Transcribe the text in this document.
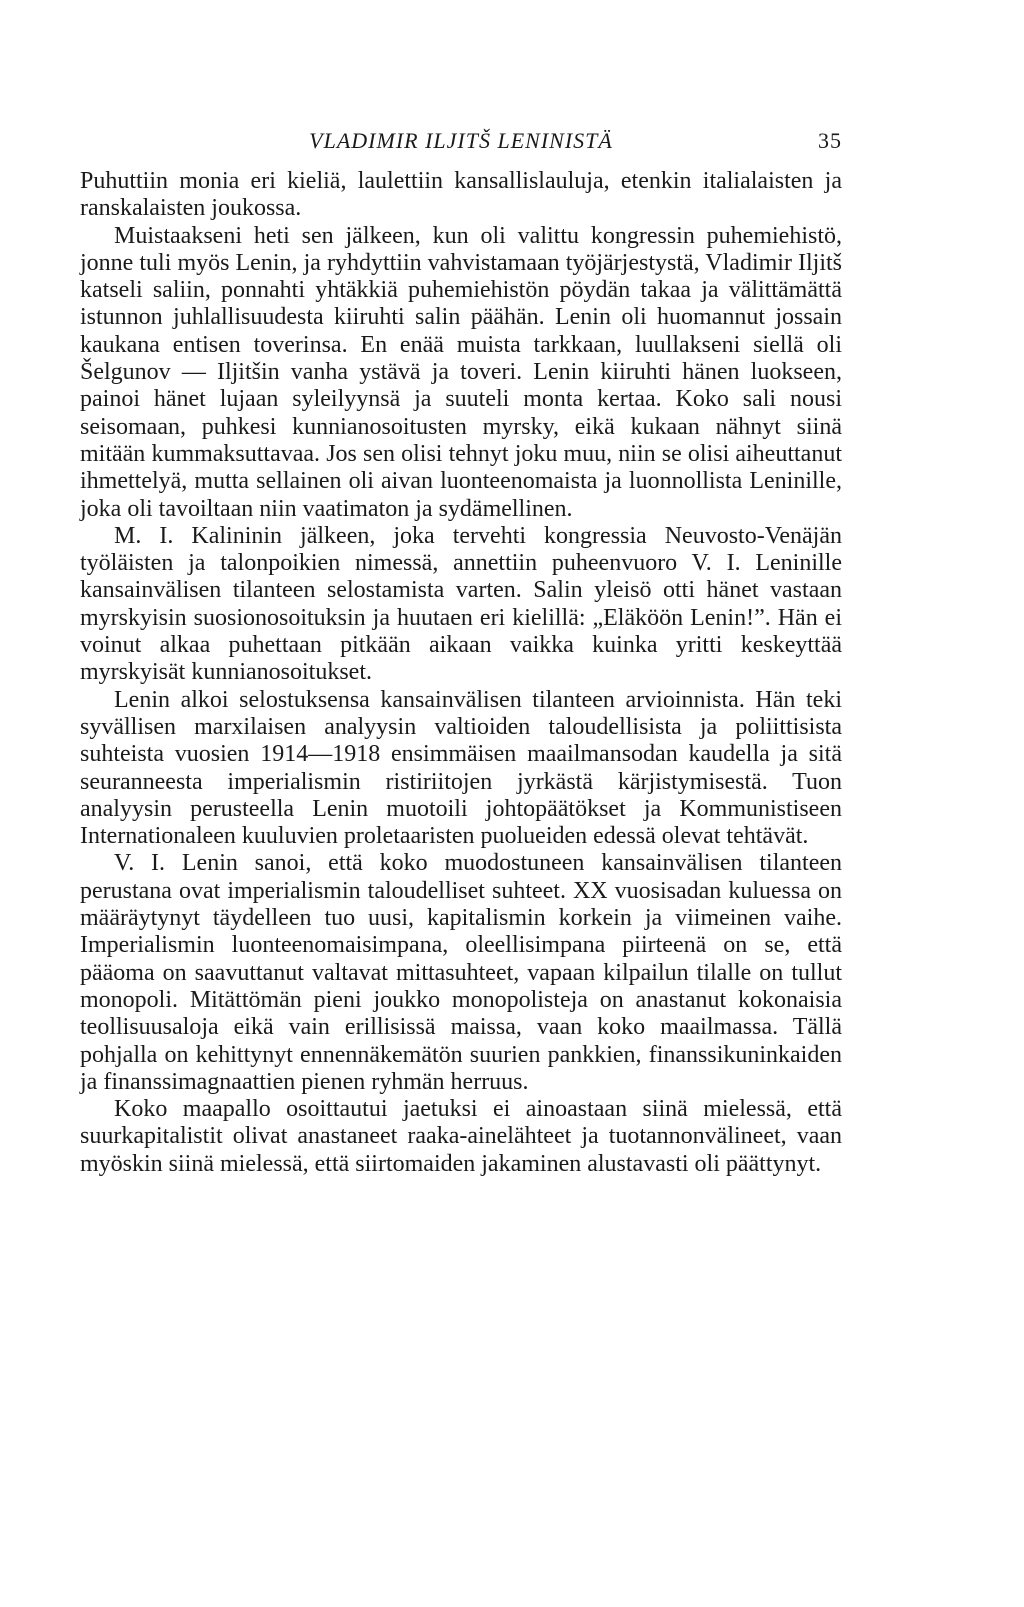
VLADIMIR ILJITŠ LENINISTÄ	35

Puhuttiin monia eri kieliä, laulettiin kansallislauluja, etenkin italialaisten ja ranskalaisten joukossa.

Muistaakseni heti sen jälkeen, kun oli valittu kongressin puhemiehistö, jonne tuli myös Lenin, ja ryhdyttiin vahvistamaan työjärjestystä, Vladimir Iljitš katseli saliin, ponnahti yhtäkkiä puhemiehistön pöydän takaa ja välittämättä istunnon juhlallisuudesta kiiruhti salin päähän. Lenin oli huomannut jossain kaukana entisen toverinsa. En enää muista tarkkaan, luullakseni siellä oli Šelgunov — Iljitšin vanha ystävä ja toveri. Lenin kiiruhti hänen luokseen, painoi hänet lujaan syleilyynsä ja suuteli monta kertaa. Koko sali nousi seisomaan, puhkesi kunnianosoitusten myrsky, eikä kukaan nähnyt siinä mitään kummaksuttavaa. Jos sen olisi tehnyt joku muu, niin se olisi aiheuttanut ihmettelyä, mutta sellainen oli aivan luonteenomaista ja luonnollista Leninille, joka oli tavoiltaan niin vaatimaton ja sydämellinen.

M. I. Kalininin jälkeen, joka tervehti kongressia Neuvosto-Venäjän työläisten ja talonpoikien nimessä, annettiin puheenvuoro V. I. Leninille kansainvälisen tilanteen selostamista varten. Salin yleisö otti hänet vastaan myrskyisin suosionosoituksin ja huutaen eri kielillä: „Eläköön Lenin!”. Hän ei voinut alkaa puhettaan pitkään aikaan vaikka kuinka yritti keskeyttää myrskyisät kunnianosoitukset.

Lenin alkoi selostuksensa kansainvälisen tilanteen arvioinnista. Hän teki syvällisen marxilaisen analyysin valtioiden taloudellisista ja poliittisista suhteista vuosien 1914—1918 ensimmäisen maailmansodan kaudella ja sitä seuranneesta imperialismin ristiriitojen jyrkästä kärjistymisestä. Tuon analyysin perusteella Lenin muotoili johtopäätökset ja Kommunistiseen Internationaleen kuuluvien proletaaristen puolueiden edessä olevat tehtävät.

V. I. Lenin sanoi, että koko muodostuneen kansainvälisen tilanteen perustana ovat imperialismin taloudelliset suhteet. XX vuosisadan kuluessa on määräytynyt täydelleen tuo uusi, kapitalismin korkein ja viimeinen vaihe. Imperialismin luonteenomaisimpana, oleellisimpana piirteenä on se, että pääoma on saavuttanut valtavat mittasuhteet, vapaan kilpailun tilalle on tullut monopoli. Mitättömän pieni joukko monopolisteja on anastanut kokonaisia teollisuusaloja eikä vain erillisissä maissa, vaan koko maailmassa. Tällä pohjalla on kehittynyt ennennäkemätön suurien pankkien, finanssikuninkaiden ja finanssimagnaattien pienen ryhmän herruus.

Koko maapallo osoittautui jaetuksi ei ainoastaan siinä mielessä, että suurkapitalistit olivat anastaneet raaka-ainelähteet ja tuotannonvälineet, vaan myöskin siinä mielessä, että siirtomaiden jakaminen alustavasti oli päättynyt.
